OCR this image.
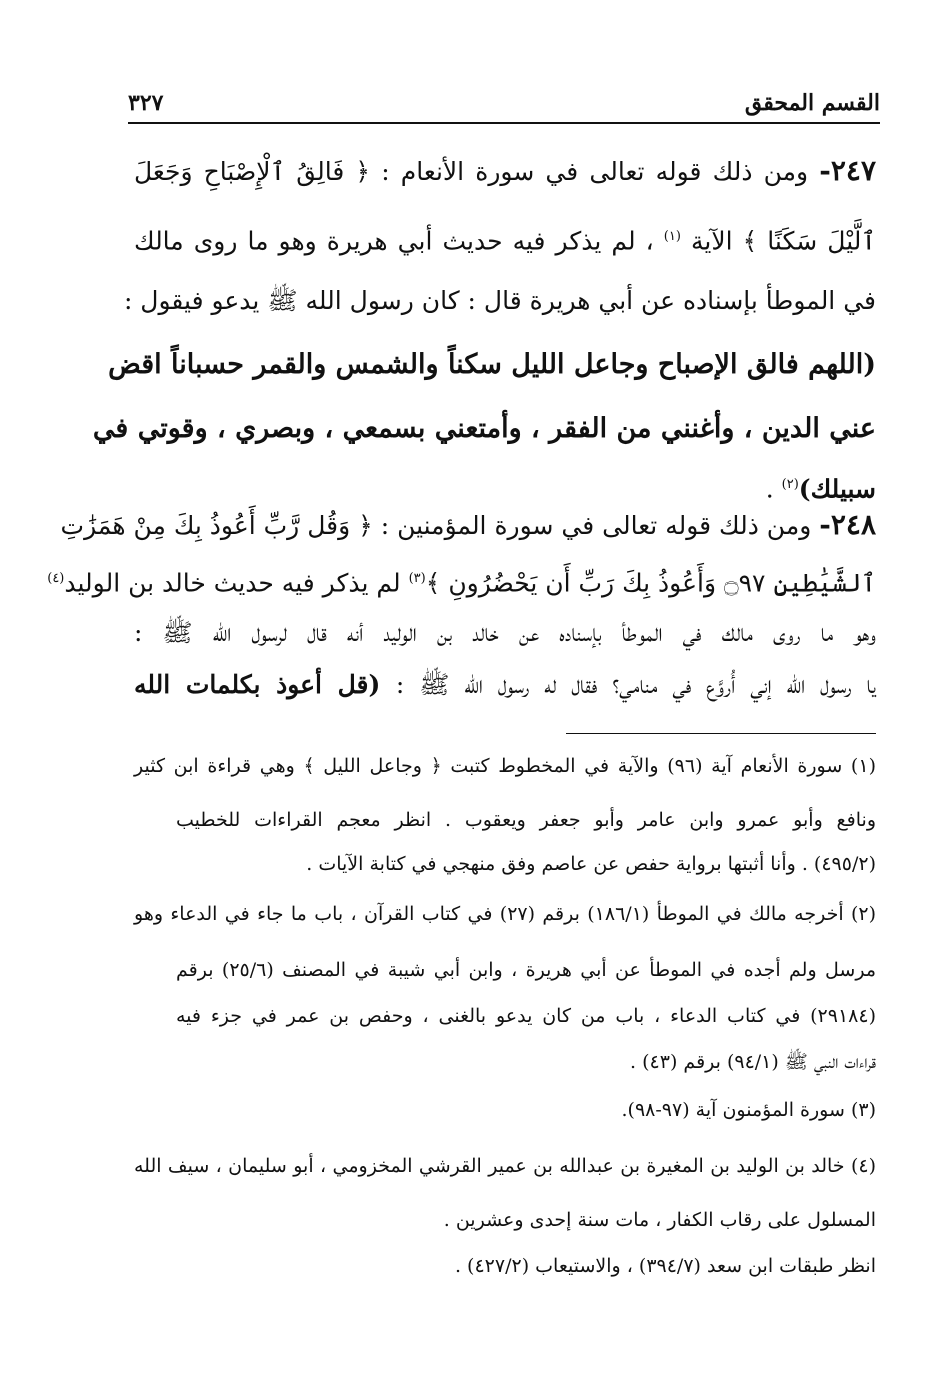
القسم المحقق
٣٢٧
٢٤٧- ومن ذلك قوله تعالى في سورة الأنعام : ﴿ فَالِقُ ٱلْإِصْبَاحِ وَجَعَلَ
ٱلَّيْلَ سَكَنًا ﴾ الآية $^{(١)}$ ، لم يذكر فيه حديث أبي هريرة وهو ما روى مالك
في الموطأ بإسناده عن أبي هريرة قال : كان رسول الله ﷺ يدعو فيقول :
(اللهم فالق الإصباح وجاعل الليل سكناً والشمس والقمر حسباناً اقض
عني الدين ، وأغنني من الفقر ، وأمتعني بسمعي ، وبصري ، وقوتي في
سبيلك)$^{(٢)}$ .
٢٤٨- ومن ذلك قوله تعالى في سورة المؤمنين : ﴿ وَقُل رَّبِّ أَعُوذُ بِكَ مِنْ هَمَزَٰتِ
ٱلشَّيَٰطِينِ ۝٩٧ وَأَعُوذُ بِكَ رَبِّ أَن يَحْضُرُونِ ﴾$^{(٣)}$ لم يذكر فيه حديث خالد بن الوليد$^{(٤)}$
وهو ما روى مالك في الموطأ بإسناده عن خالد بن الوليد أنه قال لرسول الله ﷺ :
يا رسول الله إني أُروَّع في منامي؟ فقال له رسول الله ﷺ : (قل أعوذ بكلمات الله
(١) سورة الأنعام آية (٩٦) والآية في المخطوط كتبت ﴿ وجاعل الليل ﴾ وهي قراءة ابن كثير
ونافع وأبو عمرو وابن عامر وأبو جعفر ويعقوب . انظر معجم القراءات للخطيب
(٤٩٥/٢) . وأنا أثبتها برواية حفص عن عاصم وفق منهجي في كتابة الآيات .
(٢) أخرجه مالك في الموطأ (١٨٦/١) برقم (٢٧) في كتاب القرآن ، باب ما جاء في الدعاء وهو
مرسل ولم أجده في الموطأ عن أبي هريرة ، وابن أبي شيبة في المصنف (٢٥/٦) برقم
(٢٩١٨٤) في كتاب الدعاء ، باب من كان يدعو بالغنى ، وحفص بن عمر في جزء فيه
قراءات النبي ﷺ (٩٤/١) برقم (٤٣) .
(٣) سورة المؤمنون آية (٩٧-٩٨).
(٤) خالد بن الوليد بن المغيرة بن عبدالله بن عمير القرشي المخزومي ، أبو سليمان ، سيف الله
المسلول على رقاب الكفار ، مات سنة إحدى وعشرين .
انظر طبقات ابن سعد (٣٩٤/٧) ، والاستيعاب (٤٢٧/٢) .
